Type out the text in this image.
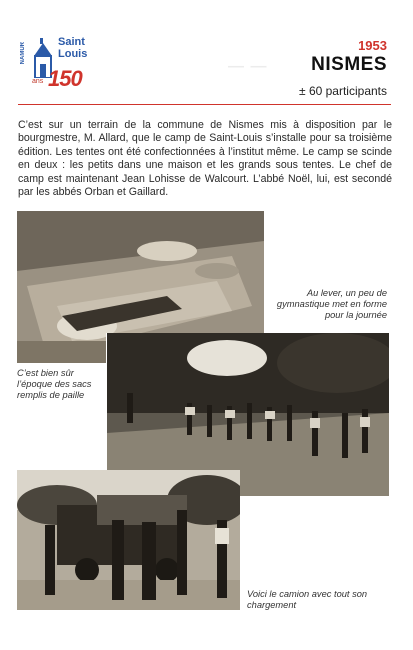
NAMUR	Saint
Louis
ans 150	— —
1953
NISMES
± 60 participants

C’est sur un terrain de la commune de Nismes mis à disposition par le bourgmestre, M. Allard, que le camp de Saint-Louis s’installe pour sa troisième édition. Les tentes ont été confectionnées à l’institut même. Le camp se scinde en deux : les petits dans une maison et les grands sous tentes. Le chef de camp est maintenant Jean Lohisse de Walcourt. L’abbé Noël, lui, est secondé par les abbés Orban et Gaillard.

Au lever, un peu de gymnastique met en forme pour la journée

C’est bien sûr l’époque des sacs remplis de paille

Voici le camion avec tout son chargement
